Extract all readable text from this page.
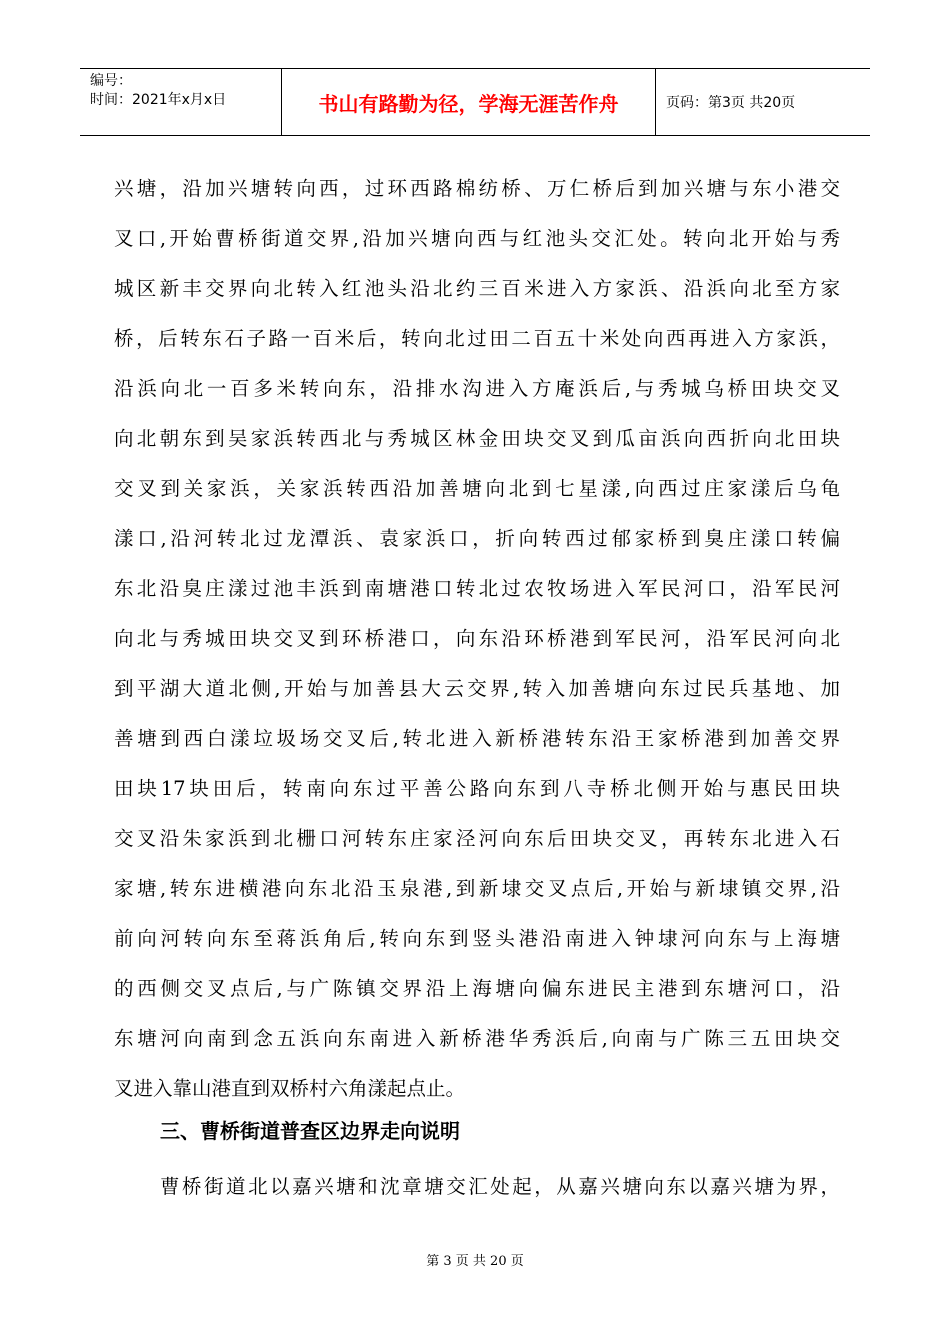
编号：
时间：2021年x月x日	书山有路勤为径，学海无涯苦作舟	页码：第3页 共20页

兴塘，沿加兴塘转向西，过环西路棉纺桥、万仁桥后到加兴塘与东小港交

叉口,开始曹桥街道交界,沿加兴塘向西与红池头交汇处。转向北开始与秀

城区新丰交界向北转入红池头沿北约三百米进入方家浜、沿浜向北至方家

桥，后转东石子路一百米后，转向北过田二百五十米处向西再进入方家浜，

沿浜向北一百多米转向东，沿排水沟进入方庵浜后,与秀城乌桥田块交叉

向北朝东到吴家浜转西北与秀城区林金田块交叉到瓜亩浜向西折向北田块

交叉到关家浜，关家浜转西沿加善塘向北到七星漾,向西过庄家漾后乌龟

漾口,沿河转北过龙潭浜、袁家浜口，折向转西过郁家桥到臭庄漾口转偏

东北沿臭庄漾过池丰浜到南塘港口转北过农牧场进入军民河口，沿军民河

向北与秀城田块交叉到环桥港口，向东沿环桥港到军民河，沿军民河向北

到平湖大道北侧,开始与加善县大云交界,转入加善塘向东过民兵基地、加

善塘到西白漾垃圾场交叉后,转北进入新桥港转东沿王家桥港到加善交界

田块17块田后，转南向东过平善公路向东到八寺桥北侧开始与惠民田块

交叉沿朱家浜到北栅口河转东庄家泾河向东后田块交叉，再转东北进入石

家塘,转东进横港向东北沿玉泉港,到新埭交叉点后,开始与新埭镇交界,沿

前向河转向东至蒋浜角后,转向东到竖头港沿南进入钟埭河向东与上海塘

的西侧交叉点后,与广陈镇交界沿上海塘向偏东进民主港到东塘河口，沿

东塘河向南到念五浜向东南进入新桥港华秀浜后,向南与广陈三五田块交

叉进入靠山港直到双桥村六角漾起点止。

三、曹桥街道普查区边界走向说明
曹桥街道北以嘉兴塘和沈章塘交汇处起，从嘉兴塘向东以嘉兴塘为界，
第 3 页 共 20 页
